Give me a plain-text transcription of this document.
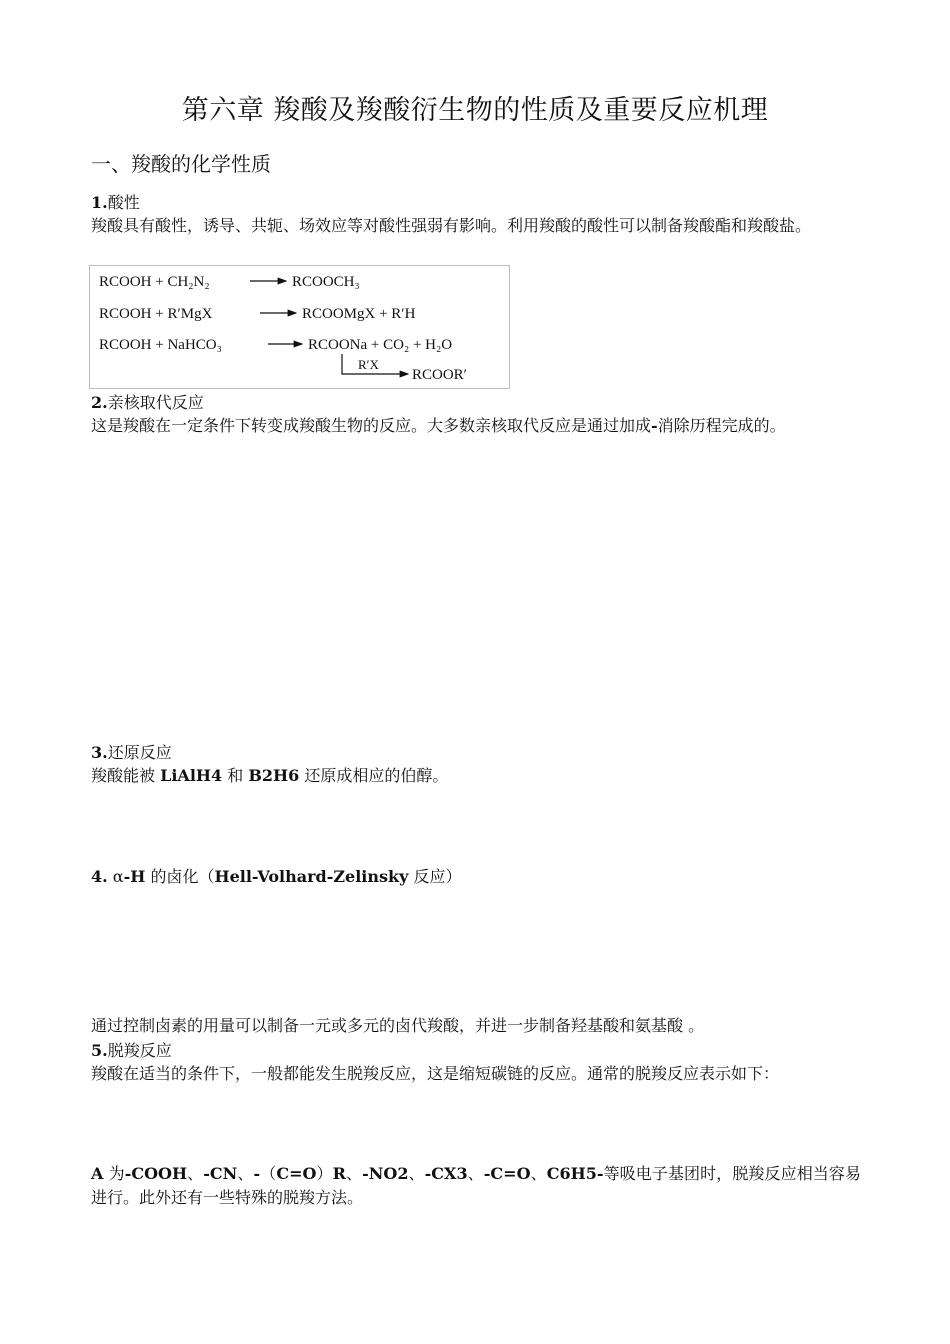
第六章 羧酸及羧酸衍生物的性质及重要反应机理
一、羧酸的化学性质
1.酸性
羧酸具有酸性，诱导、共轭、场效应等对酸性强弱有影响。利用羧酸的酸性可以制备羧酸酯和羧酸盐。
RCOOH + CH₂N₂	RCOOCH₃
RCOOH + R′MgX	RCOOMgX + R′H
RCOOH + NaHCO₃	RCOONa + CO₂ + H₂O
R′X
RCOOR′
2.亲核取代反应
这是羧酸在一定条件下转变成羧酸生物的反应。大多数亲核取代反应是通过加成-消除历程完成的。
3.还原反应
羧酸能被 LiAlH4 和 B2H6 还原成相应的伯醇。
4. α-H 的卤化（Hell-Volhard-Zelinsky 反应）
通过控制卤素的用量可以制备一元或多元的卤代羧酸，并进一步制备羟基酸和氨基酸 。
5.脱羧反应
羧酸在适当的条件下，一般都能发生脱羧反应，这是缩短碳链的反应。通常的脱羧反应表示如下：
A 为-COOH、-CN、-（C=O）R、-NO2、-CX3、-C=O、C6H5-等吸电子基团时，脱羧反应相当容易进行。此外还有一些特殊的脱羧方法。
